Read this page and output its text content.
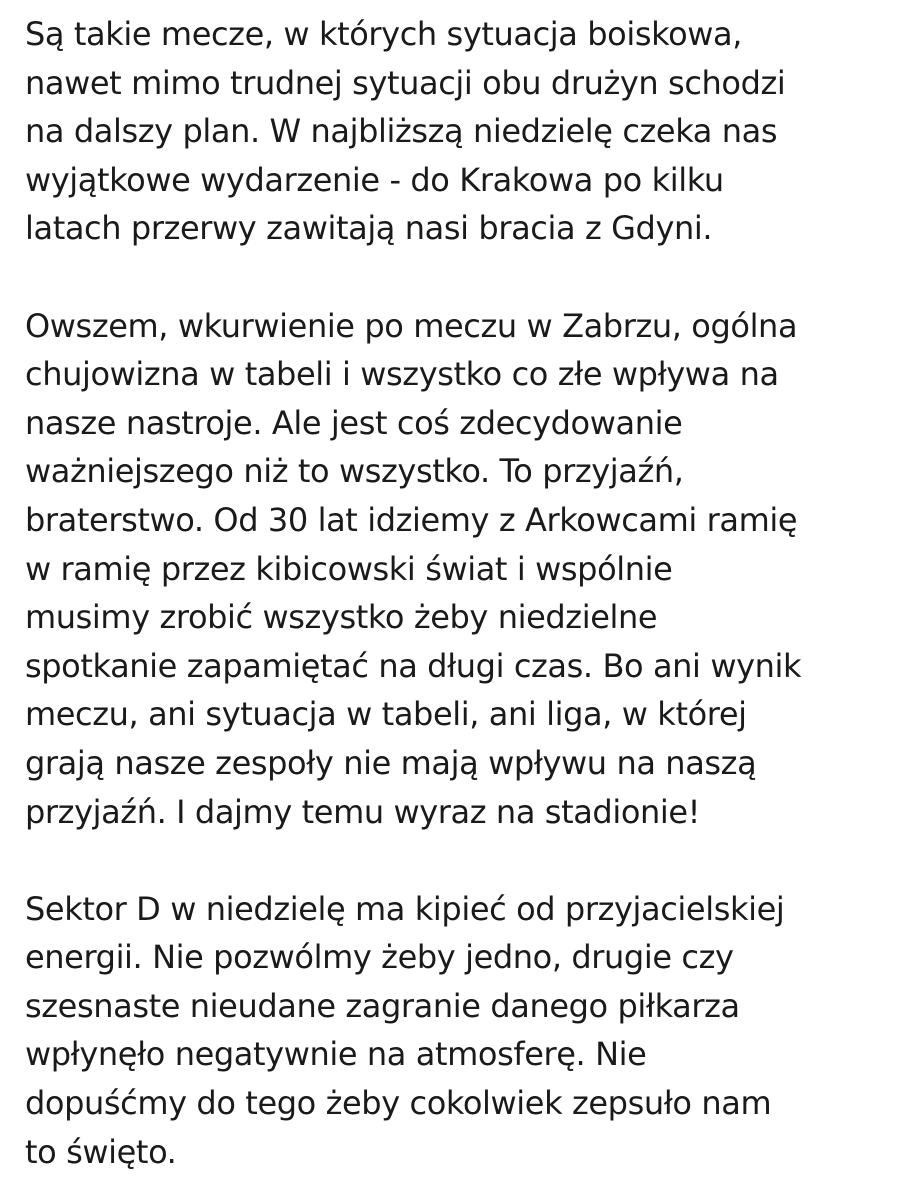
Są takie mecze, w których sytuacja boiskowa,
nawet mimo trudnej sytuacji obu drużyn schodzi
na dalszy plan. W najbliższą niedzielę czeka nas
wyjątkowe wydarzenie - do Krakowa po kilku
latach przerwy zawitają nasi bracia z Gdyni.

Owszem, wkurwienie po meczu w Zabrzu, ogólna
chujowizna w tabeli i wszystko co złe wpływa na
nasze nastroje. Ale jest coś zdecydowanie
ważniejszego niż to wszystko. To przyjaźń,
braterstwo. Od 30 lat idziemy z Arkowcami ramię
w ramię przez kibicowski świat i wspólnie
musimy zrobić wszystko żeby niedzielne
spotkanie zapamiętać na długi czas. Bo ani wynik
meczu, ani sytuacja w tabeli, ani liga, w której
grają nasze zespoły nie mają wpływu na naszą
przyjaźń. I dajmy temu wyraz na stadionie!

Sektor D w niedzielę ma kipieć od przyjacielskiej
energii. Nie pozwólmy żeby jedno, drugie czy
szesnaste nieudane zagranie danego piłkarza
wpłynęło negatywnie na atmosferę. Nie
dopuśćmy do tego żeby cokolwiek zepsuło nam
to święto.
